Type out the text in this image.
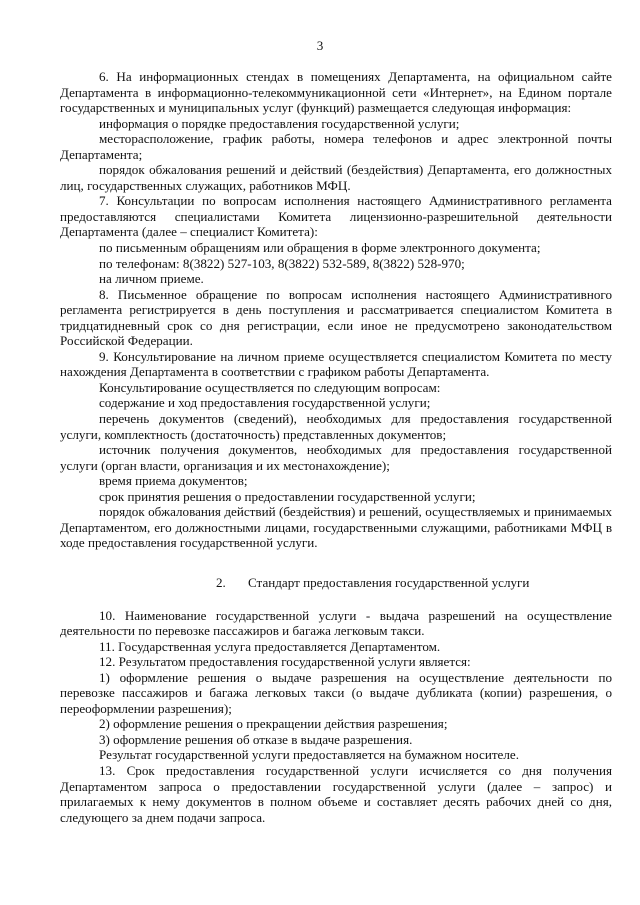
3

6. На информационных стендах в помещениях Департамента, на официальном сайте Департамента в информационно-телекоммуникационной сети «Интернет», на Едином портале государственных и муниципальных услуг (функций) размещается следующая информация:

информация о порядке предоставления государственной услуги;

месторасположение, график работы, номера телефонов и адрес электронной почты Департамента;

порядок обжалования решений и действий (бездействия) Департамента, его должностных лиц, государственных служащих, работников МФЦ.

7. Консультации по вопросам исполнения настоящего Административного регламента предоставляются специалистами Комитета лицензионно-разрешительной деятельности Департамента (далее – специалист Комитета):

по письменным обращениям или обращения в форме электронного документа;

по телефонам: 8(3822) 527-103, 8(3822) 532-589, 8(3822) 528-970;

на личном приеме.

8. Письменное обращение по вопросам исполнения настоящего Административного регламента регистрируется в день поступления и рассматривается специалистом Комитета в тридцатидневный срок со дня регистрации, если иное не предусмотрено законодательством Российской Федерации.

9. Консультирование на личном приеме осуществляется специалистом Комитета по месту нахождения Департамента в соответствии с графиком работы Департамента.

Консультирование осуществляется по следующим вопросам:

содержание и ход предоставления государственной услуги;

перечень документов (сведений), необходимых для предоставления государственной услуги, комплектность (достаточность) представленных документов;

источник получения документов, необходимых для предоставления государственной услуги (орган власти, организация и их местонахождение);

время приема документов;

срок принятия решения о предоставлении государственной услуги;

порядок обжалования действий (бездействия) и решений, осуществляемых и принимаемых Департаментом, его должностными лицами, государственными служащими, работниками МФЦ в ходе предоставления государственной услуги.

2. Стандарт предоставления государственной услуги

10. Наименование государственной услуги - выдача разрешений на осуществление деятельности по перевозке пассажиров и багажа легковым такси.

11. Государственная услуга предоставляется Департаментом.

12. Результатом предоставления государственной услуги является:

1) оформление решения о выдаче разрешения на осуществление деятельности по перевозке пассажиров и багажа легковых такси (о выдаче дубликата (копии) разрешения, о переоформлении разрешения);

2) оформление решения о прекращении действия разрешения;

3) оформление решения об отказе в выдаче разрешения.

Результат государственной услуги предоставляется на бумажном носителе.

13. Срок предоставления государственной услуги исчисляется со дня получения Департаментом запроса о предоставлении государственной услуги (далее – запрос) и прилагаемых к нему документов в полном объеме и составляет десять рабочих дней со дня, следующего за днем подачи запроса.
